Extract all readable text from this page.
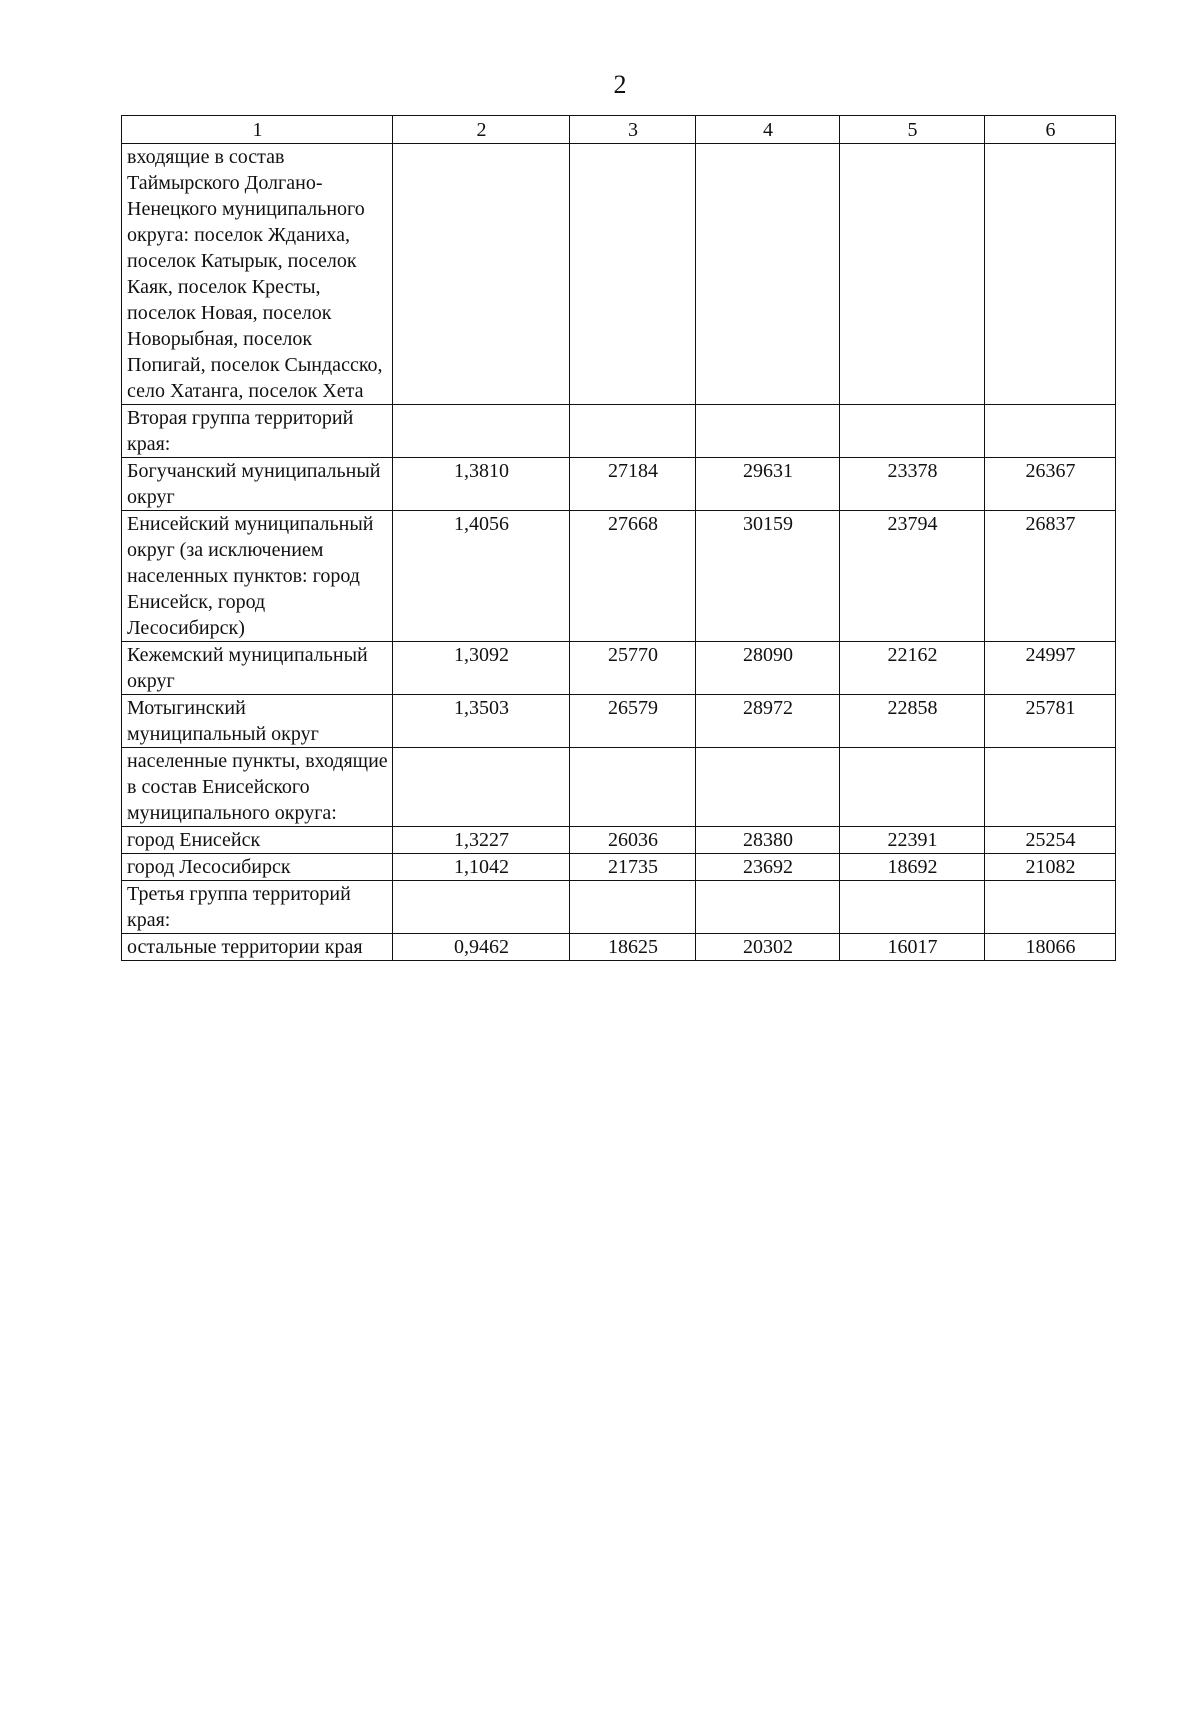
2
1	2	3	4	5	6
входящие в состав Таймырского Долгано-Ненецкого муниципального округа: поселок Жданиха, поселок Катырык, поселок Каяк, поселок Кресты, поселок Новая, поселок Новорыбная, поселок Попигай, поселок Сындасско, село Хатанга, поселок Хета					
Вторая группа территорий края:					
Богучанский муниципальный округ	1,3810	27184	29631	23378	26367
Енисейский муниципальный округ (за исключением населенных пунктов: город Енисейск, город Лесосибирск)	1,4056	27668	30159	23794	26837
Кежемский муниципальный округ	1,3092	25770	28090	22162	24997
Мотыгинский муниципальный округ	1,3503	26579	28972	22858	25781
населенные пункты, входящие в состав Енисейского муниципального округа:					
город Енисейск	1,3227	26036	28380	22391	25254
город Лесосибирск	1,1042	21735	23692	18692	21082
Третья группа территорий края:					
остальные территории края	0,9462	18625	20302	16017	18066
